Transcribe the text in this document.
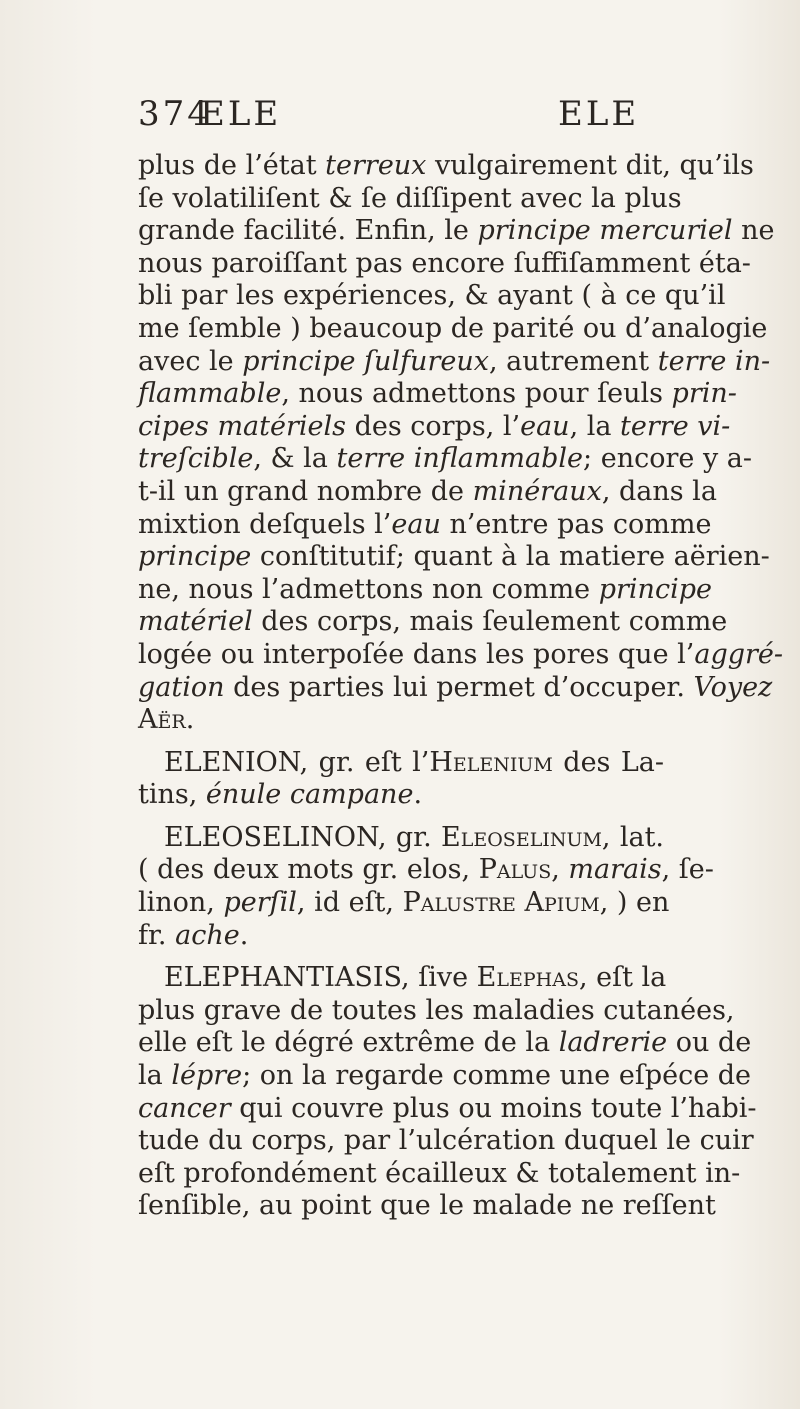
374
ELE	ELE
plus de l’état terreux vulgairement dit, qu’ils
ſe volatiliſent & ſe diſſipent avec la plus
grande facilité. Enfin, le principe mercuriel ne
nous paroiſſant pas encore ſuffiſamment éta-
bli par les expériences, & ayant ( à ce qu’il
me ſemble ) beaucoup de parité ou d’analogie
avec le principe ſulfureux, autrement terre in-
flammable, nous admettons pour ſeuls prin-
cipes matériels des corps, l’eau, la terre vi-
treſcible, & la terre inflammable; encore y a-
t-il un grand nombre de minéraux, dans la
mixtion deſquels l’eau n’entre pas comme
principe conſtitutif; quant à la matiere aërien-
ne, nous l’admettons non comme principe
matériel des corps, mais ſeulement comme
logée ou interpoſée dans les pores que l’aggré-
gation des parties lui permet d’occuper. Voyez
Aër.
ELENION, gr. eſt l’Helenium des La-
tins, énule campane.
ELEOSELINON, gr. Eleoselinum, lat.
( des deux mots gr. elos, Palus, marais, ſe-
linon, perſil, id eſt, Palustre Apium, ) en
fr. ache.
ELEPHANTIASIS, ſive Elephas, eſt la
plus grave de toutes les maladies cutanées,
elle eſt le dégré extrême de la ladrerie ou de
la lépre; on la regarde comme une eſpéce de
cancer qui couvre plus ou moins toute l’habi-
tude du corps, par l’ulcération duquel le cuir
eſt profondément écailleux & totalement in-
ſenſible, au point que le malade ne reſſent
